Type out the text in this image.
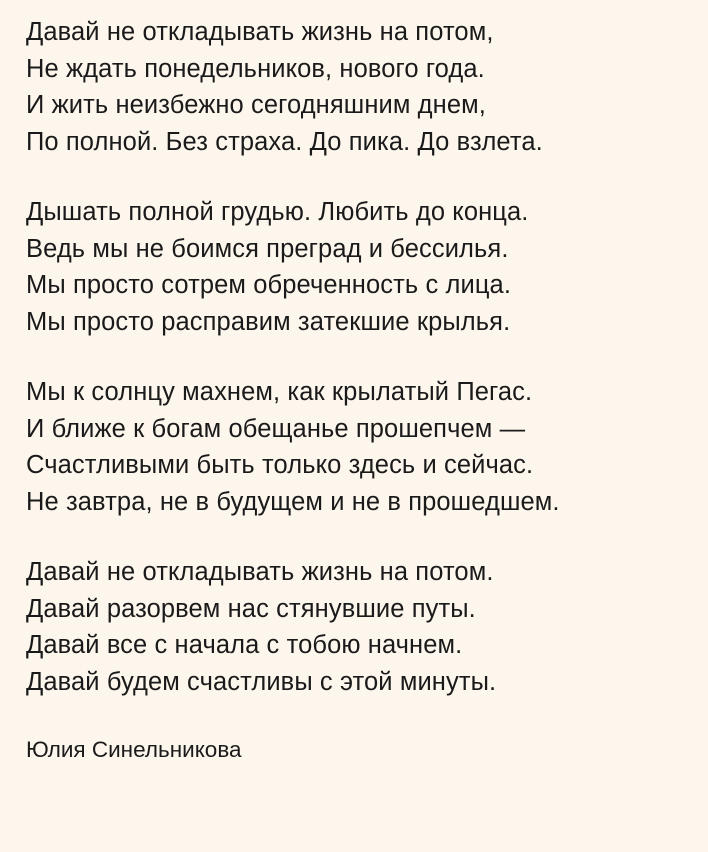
Давай не откладывать жизнь на потом,
Не ждать понедельников, нового года.
И жить неизбежно сегодняшним днем,
По полной. Без страха. До пика. До взлета.
Дышать полной грудью. Любить до конца.
Ведь мы не боимся преград и бессилья.
Мы просто сотрем обреченность с лица.
Мы просто расправим затекшие крылья.
Мы к солнцу махнем, как крылатый Пегас.
И ближе к богам обещанье прошепчем —
Счастливыми быть только здесь и сейчас.
Не завтра, не в будущем и не в прошедшем.
Давай не откладывать жизнь на потом.
Давай разорвем нас стянувшие путы.
Давай все с начала с тобою начнем.
Давай будем счастливы с этой минуты.
Юлия Синельникова
